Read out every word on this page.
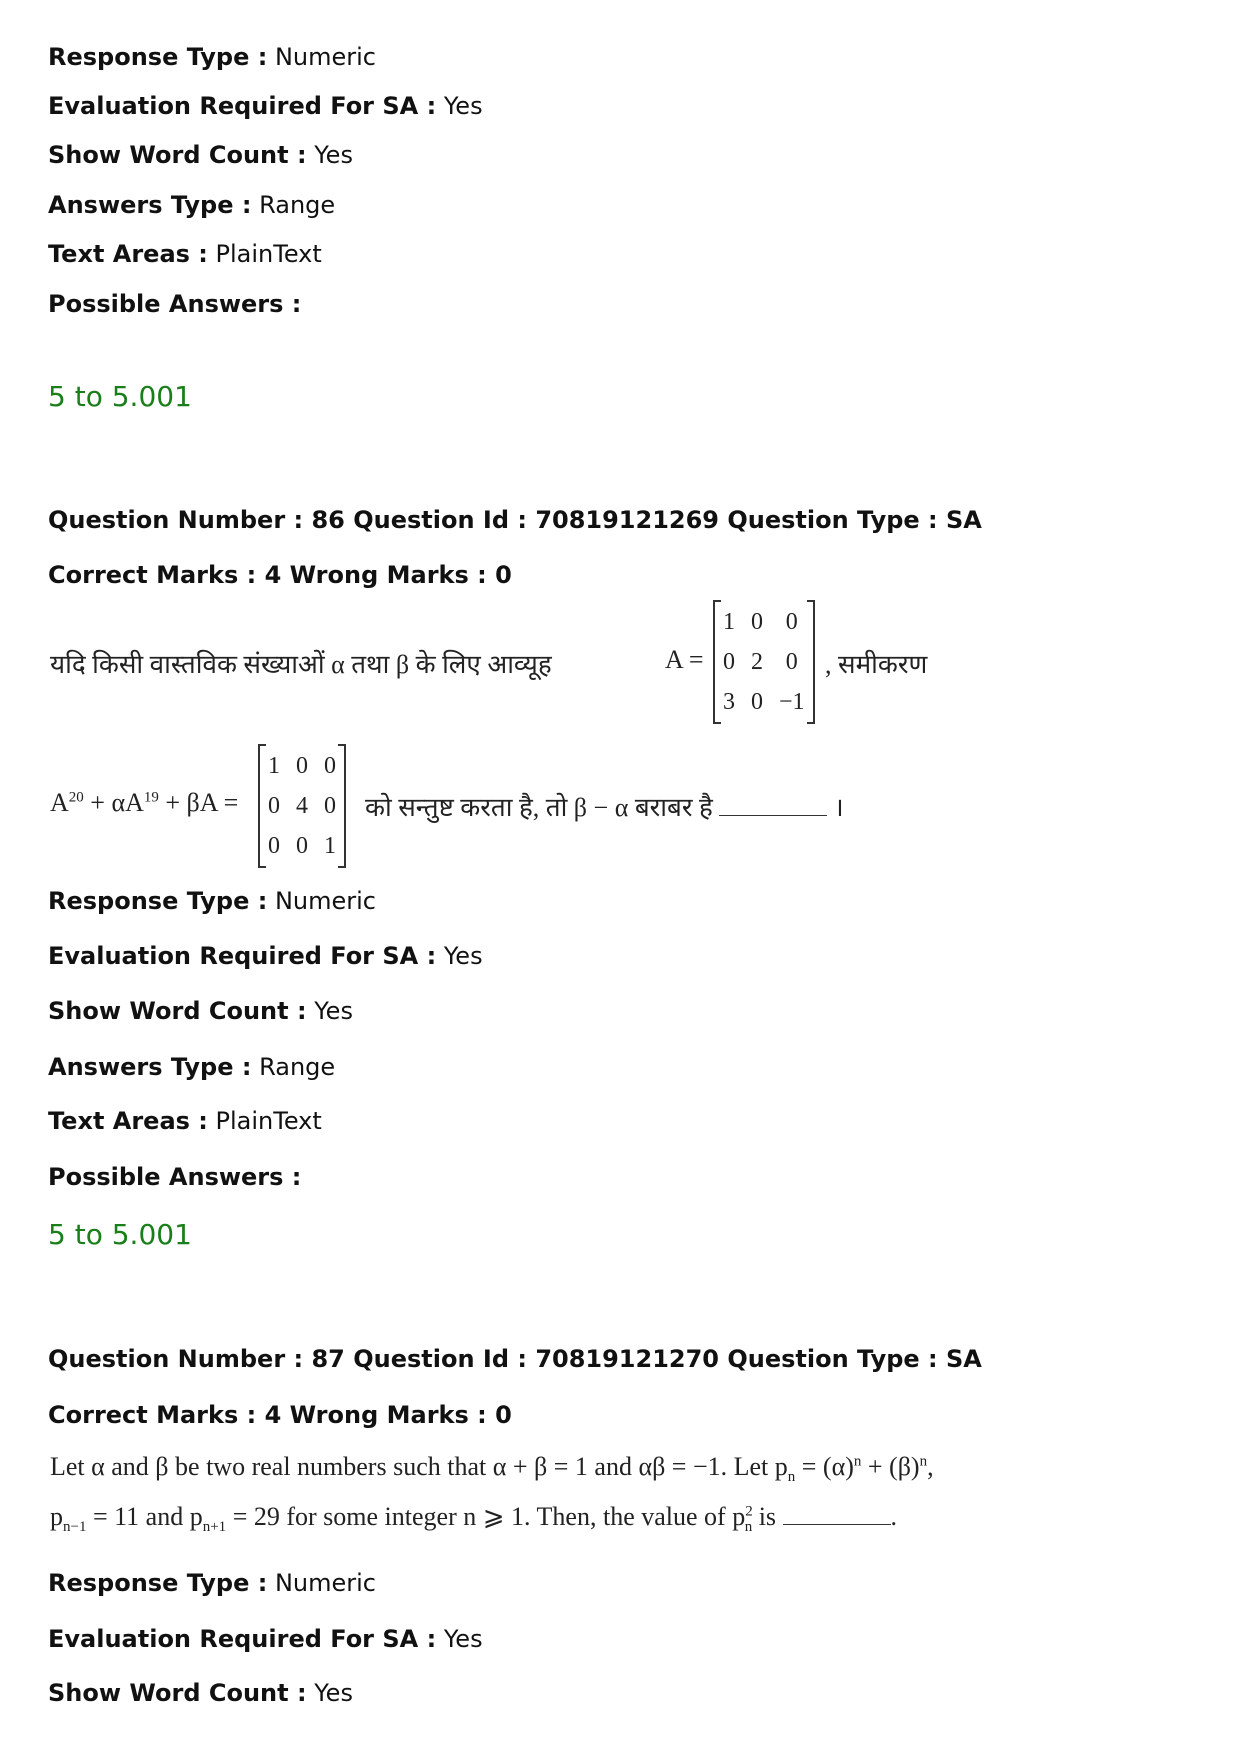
Response Type : Numeric
Evaluation Required For SA : Yes
Show Word Count : Yes
Answers Type : Range
Text Areas : PlainText
Possible Answers :
5 to 5.001
Question Number : 86 Question Id : 70819121269 Question Type : SA
Correct Marks : 4 Wrong Marks : 0
यदि किसी वास्तविक संख्याओं α तथा β के लिए आव्यूह	A =
1	0	0
0	2	0
3	0	−1
, समीकरण
$A^{20} + \alpha A^{19} + \beta A$ =
1	0	0
0	4	0
0	0	1
को सन्तुष्ट करता है, तो β − α बराबर है	।
Response Type : Numeric
Evaluation Required For SA : Yes
Show Word Count : Yes
Answers Type : Range
Text Areas : PlainText
Possible Answers :
5 to 5.001
Question Number : 87 Question Id : 70819121270 Question Type : SA
Correct Marks : 4 Wrong Marks : 0
Let α and β be two real numbers such that α + β = 1 and αβ = −1. Let $p_n = (\alpha)^n + (\beta)^n$,
$p_{n-1} = 11$ and $p_{n+1} = 29$ for some integer n ⩾ 1. Then, the value of $p^2_n$ is	.
Response Type : Numeric
Evaluation Required For SA : Yes
Show Word Count : Yes
